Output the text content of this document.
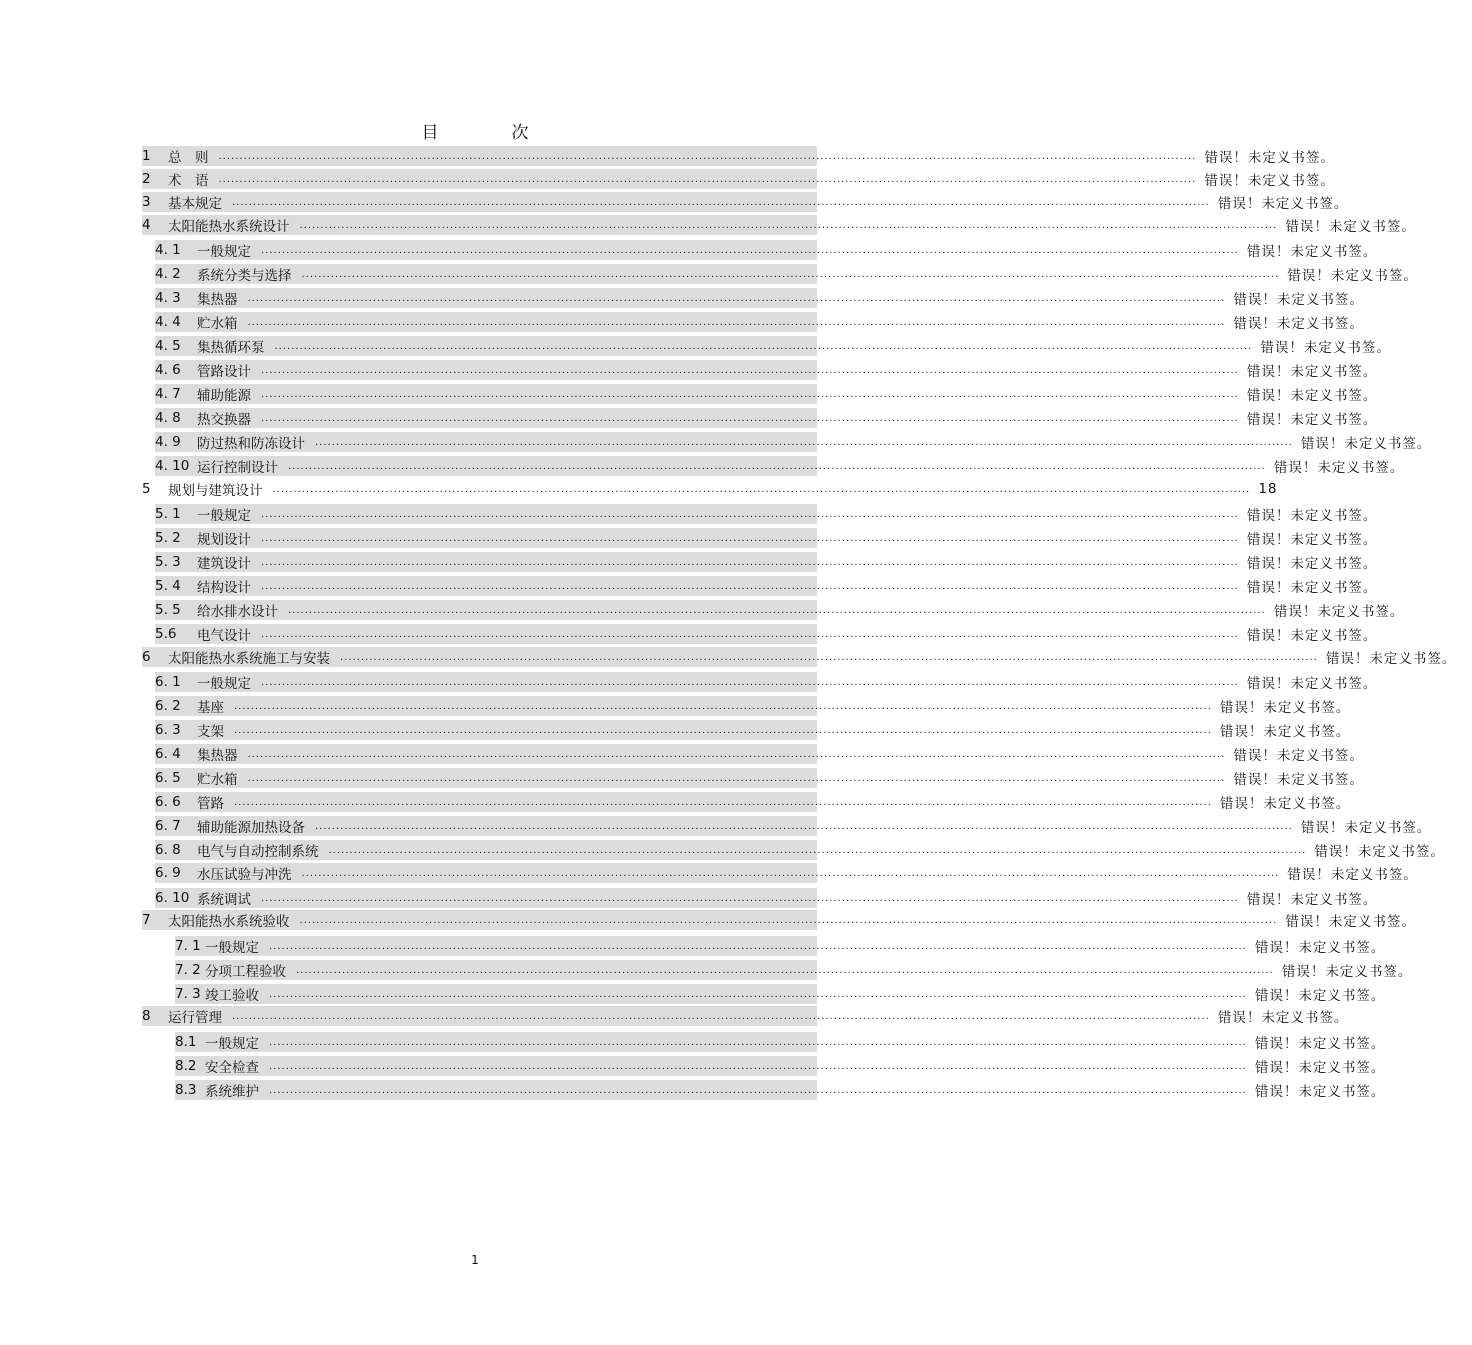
目　次
1	总　则	.......................................................................................................................................................................................................................................... 错误！未定义书签。
2	术　语	.......................................................................................................................................................................................................................................... 错误！未定义书签。
3	基本规定	.......................................................................................................................................................................................................................................... 错误！未定义书签。
4	太阳能热水系统设计	.......................................................................................................................................................................................................................................... 错误！未定义书签。
4. 1	一般规定	.......................................................................................................................................................................................................................................... 错误！未定义书签。
4. 2	系统分类与选择	.......................................................................................................................................................................................................................................... 错误！未定义书签。
4. 3	集热器	.......................................................................................................................................................................................................................................... 错误！未定义书签。
4. 4	贮水箱	.......................................................................................................................................................................................................................................... 错误！未定义书签。
4. 5	集热循环泵	.......................................................................................................................................................................................................................................... 错误！未定义书签。
4. 6	管路设计	.......................................................................................................................................................................................................................................... 错误！未定义书签。
4. 7	辅助能源	.......................................................................................................................................................................................................................................... 错误！未定义书签。
4. 8	热交换器	.......................................................................................................................................................................................................................................... 错误！未定义书签。
4. 9	防过热和防冻设计	.......................................................................................................................................................................................................................................... 错误！未定义书签。
4. 10 运行控制设计	.......................................................................................................................................................................................................................................... 错误！未定义书签。
5	规划与建筑设计	.......................................................................................................................................................................................................................................... 18
5. 1	一般规定	.......................................................................................................................................................................................................................................... 错误！未定义书签。
5. 2	规划设计	.......................................................................................................................................................................................................................................... 错误！未定义书签。
5. 3	建筑设计	.......................................................................................................................................................................................................................................... 错误！未定义书签。
5. 4	结构设计	.......................................................................................................................................................................................................................................... 错误！未定义书签。
5. 5	给水排水设计	.......................................................................................................................................................................................................................................... 错误！未定义书签。
5.6	电气设计	.......................................................................................................................................................................................................................................... 错误！未定义书签。
6	太阳能热水系统施工与安装	.......................................................................................................................................................................................................................................... 错误！未定义书签。
6. 1	一般规定	.......................................................................................................................................................................................................................................... 错误！未定义书签。
6. 2	基座	.......................................................................................................................................................................................................................................... 错误！未定义书签。
6. 3	支架	.......................................................................................................................................................................................................................................... 错误！未定义书签。
6. 4	集热器	.......................................................................................................................................................................................................................................... 错误！未定义书签。
6. 5	贮水箱	.......................................................................................................................................................................................................................................... 错误！未定义书签。
6. 6	管路	.......................................................................................................................................................................................................................................... 错误！未定义书签。
6. 7	辅助能源加热设备	.......................................................................................................................................................................................................................................... 错误！未定义书签。
6. 8	电气与自动控制系统	.......................................................................................................................................................................................................................................... 错误！未定义书签。
6. 9	水压试验与冲洗	.......................................................................................................................................................................................................................................... 错误！未定义书签。
6. 10 系统调试	.......................................................................................................................................................................................................................................... 错误！未定义书签。
7	太阳能热水系统验收	.......................................................................................................................................................................................................................................... 错误！未定义书签。
7. 1 一般规定	.......................................................................................................................................................................................................................................... 错误！未定义书签。
7. 2 分项工程验收	.......................................................................................................................................................................................................................................... 错误！未定义书签。
7. 3 竣工验收	.......................................................................................................................................................................................................................................... 错误！未定义书签。
8	运行管理	.......................................................................................................................................................................................................................................... 错误！未定义书签。
8.1 一般规定	.......................................................................................................................................................................................................................................... 错误！未定义书签。
8.2 安全检查	.......................................................................................................................................................................................................................................... 错误！未定义书签。
8.3 系统维护	.......................................................................................................................................................................................................................................... 错误！未定义书签。
1
